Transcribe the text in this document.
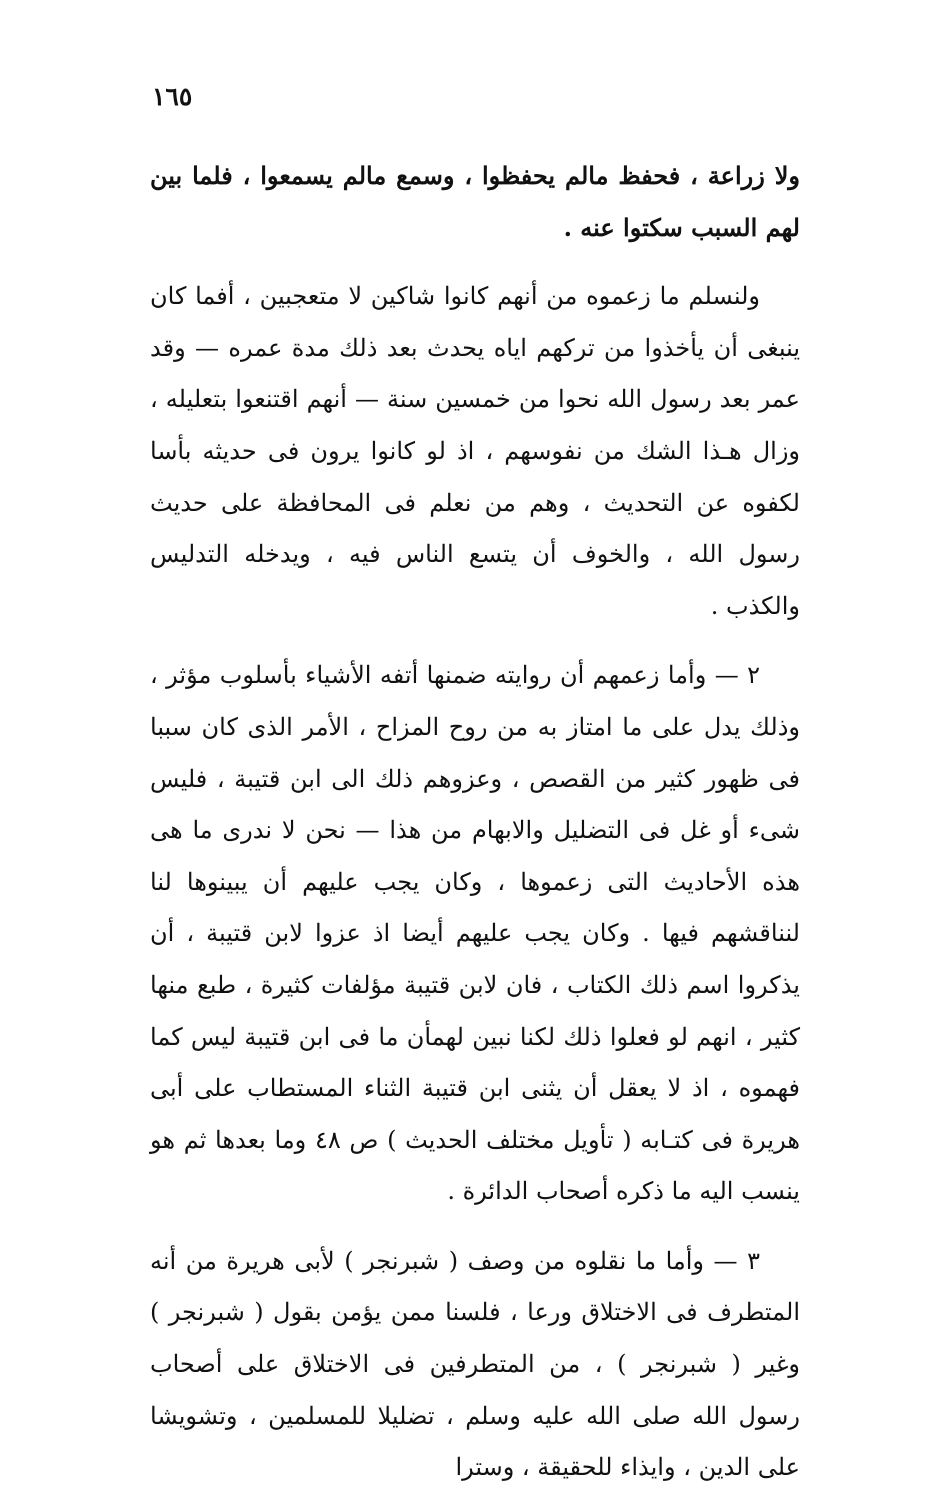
١٦٥

ولا زراعة ، فحفظ مالم يحفظوا ، وسمع مالم يسمعوا ، فلما بين لهم السبب سكتوا عنه .

ولنسلم ما زعموه من أنهم كانوا شاكين لا متعجبين ، أفما كان ينبغى أن يأخذوا من تركهم اياه يحدث بعد ذلك مدة عمره — وقد عمر بعد رسول الله نحوا من خمسين سنة — أنهم اقتنعوا بتعليله ، وزال هـذا الشك من نفوسهم ، اذ لو كانوا يرون فى حديثه بأسا لكفوه عن التحديث ، وهم من نعلم فى المحافظة على حديث رسول الله ، والخوف أن يتسع الناس فيه ، ويدخله التدليس والكذب .

٢ — وأما زعمهم أن روايته ضمنها أتفه الأشياء بأسلوب مؤثر ، وذلك يدل على ما امتاز به من روح المزاح ، الأمر الذى كان سببا فى ظهور كثير من القصص ، وعزوهم ذلك الى ابن قتيبة ، فليس شىء أو غل فى التضليل والابهام من هذا — نحن لا ندرى ما هى هذه الأحاديث التى زعموها ، وكان يجب عليهم أن يبينوها لنا لنناقشهم فيها . وكان يجب عليهم أيضا اذ عزوا لابن قتيبة ، أن يذكروا اسم ذلك الكتاب ، فان لابن قتيبة مؤلفات كثيرة ، طبع منها كثير ، انهم لو فعلوا ذلك لكنا نبين لهمأن ما فى ابن قتيبة ليس كما فهموه ، اذ لا يعقل أن يثنى ابن قتيبة الثناء المستطاب على أبى هريرة فى كتـابه ( تأويل مختلف الحديث ) ص ٤٨ وما بعدها ثم هو ينسب اليه ما ذكره أصحاب الدائرة .

٣ — وأما ما نقلوه من وصف ( شبرنجر ) لأبى هريرة من أنه المتطرف فى الاختلاق ورعا ، فلسنا ممن يؤمن بقول ( شبرنجر ) وغير ( شبرنجر ) ، من المتطرفين فى الاختلاق على أصحاب رسول الله صلى الله عليه وسلم ، تضليلا للمسلمين ، وتشويشا على الدين ، وايذاء للحقيقة ، وسترا
